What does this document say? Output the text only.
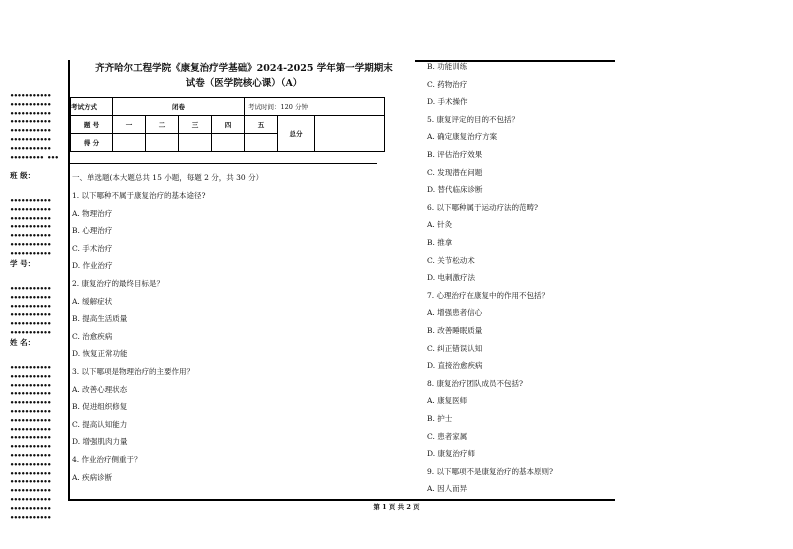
•••••••••••
•••••••••••
•••••••••••
•••••••••••
•••••••••••
•••••••••••
•••••••••••
••••••••• •••
班 级：
•••••••••••
•••••••••••
•••••••••••
•••••••••••
•••••••••••
•••••••••••
•••••••••••
学 号：
•••••••••••
•••••••••••
•••••••••••
•••••••••••
•••••••••••
•••••••••••
姓 名：
•••••••••••
•••••••••••
•••••••••••
•••••••••••
•••••••••••
•••••••••••
•••••••••••
•••••••••••
•••••••••••
•••••••••••
•••••••••••
•••••••••••
•••••••••••
•••••••••••
•••••••••••
•••••••••••
•••••••••••
•••••••••••
齐齐哈尔工程学院《康复治疗学基础》2024-2025 学年第一学期期末
试卷（医学院核心课）（A）
考试方式	闭卷				考试时间：120 分钟		
题 号	一	二	三	四	五	总分	
得 分							
一、单选题(本大题总共 15 小题，每题 2 分，共 30 分）
1. 以下哪种不属于康复治疗的基本途径?
A. 物理治疗
B. 心理治疗
C. 手术治疗
D. 作业治疗
2. 康复治疗的最终目标是？
A. 缓解症状
B. 提高生活质量
C. 治愈疾病
D. 恢复正常功能
3. 以下哪项是物理治疗的主要作用？
A. 改善心理状态
B. 促进组织修复
C. 提高认知能力
D. 增强肌肉力量
4. 作业治疗侧重于？
A. 疾病诊断
B. 功能训练
C. 药物治疗
D. 手术操作
5. 康复评定的目的不包括？
A. 确定康复治疗方案
B. 评估治疗效果
C. 发现潜在问题
D. 替代临床诊断
6. 以下哪种属于运动疗法的范畴?
A. 针灸
B. 推拿
C. 关节松动术
D. 电刺激疗法
7. 心理治疗在康复中的作用不包括？
A. 增强患者信心
B. 改善睡眠质量
C. 纠正错误认知
D. 直接治愈疾病
8. 康复治疗团队成员不包括?
A. 康复医师
B. 护士
C. 患者家属
D. 康复治疗师
9. 以下哪项不是康复治疗的基本原则?
A. 因人而异
第 1 页 共 2 页
